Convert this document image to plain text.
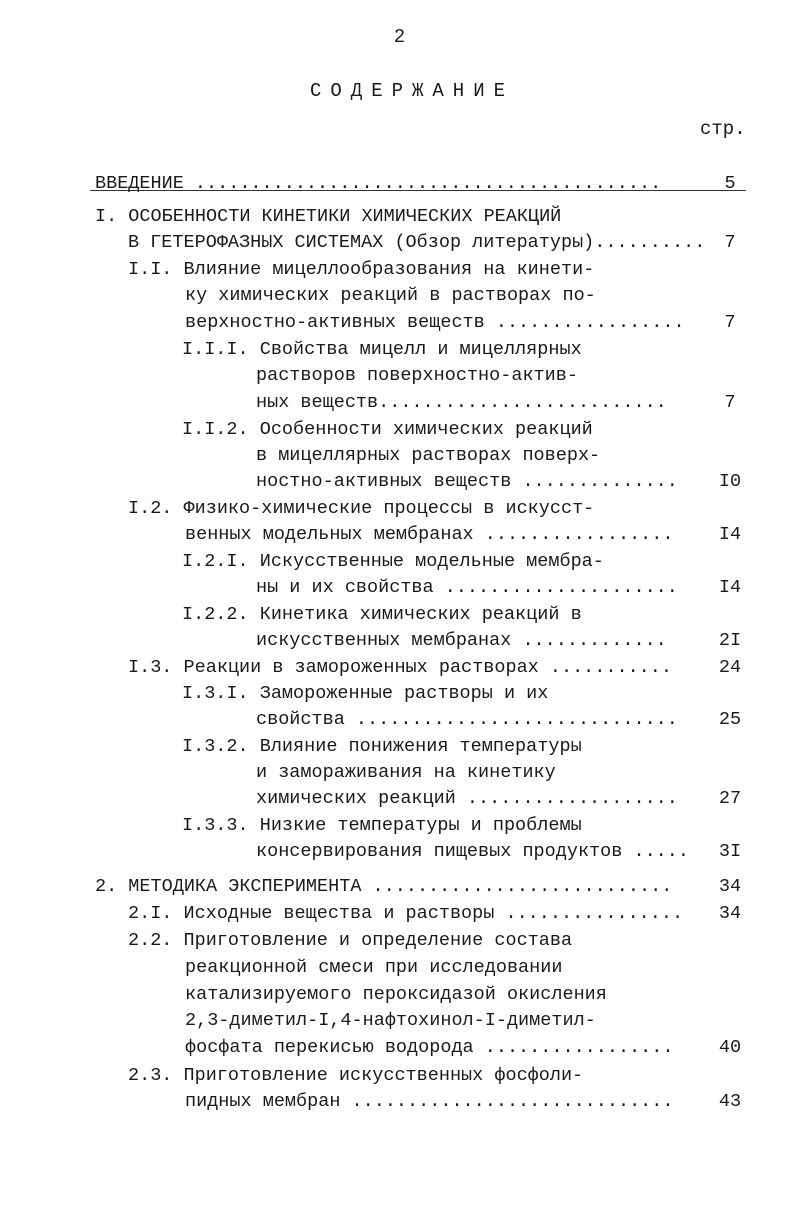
2
СОДЕРЖАНИЕ
стр.
ВВЕДЕНИЕ ..........................................	5
I. ОСОБЕННОСТИ КИНЕТИКИ ХИМИЧЕСКИХ РЕАКЦИЙ
В ГЕТЕРОФАЗНЫХ СИСТЕМАХ (Обзор литературы)..........	7
I.I. Влияние мицеллообразования на кинети-
ку химических реакций в растворах по-
верхностно-активных веществ .................	7
I.I.I. Свойства мицелл и мицеллярных
растворов поверхностно-актив-
ных веществ..........................	7
I.I.2. Особенности химических реакций
в мицеллярных растворах поверх-
ностно-активных веществ ..............	I0
I.2. Физико-химические процессы в искусст-
венных модельных мембранах .................	I4
I.2.I. Искусственные модельные мембра-
ны и их свойства .....................	I4
I.2.2. Кинетика химических реакций в
искусственных мембранах .............	2I
I.3. Реакции в замороженных растворах ...........	24
I.3.I. Замороженные растворы и их
свойства .............................	25
I.3.2. Влияние понижения температуры
и замораживания на кинетику
химических реакций ...................	27
I.3.3. Низкие температуры и проблемы
консервирования пищевых продуктов .....	3I
2. МЕТОДИКА ЭКСПЕРИМЕНТА ...........................	34
2.I. Исходные вещества и растворы ................	34
2.2. Приготовление и определение состава
реакционной смеси при исследовании
катализируемого пероксидазой окисления
2,3-диметил-I,4-нафтохинол-I-диметил-
фосфата перекисью водорода .................	40
2.3. Приготовление искусственных фосфоли-
пидных мембран .............................	43
